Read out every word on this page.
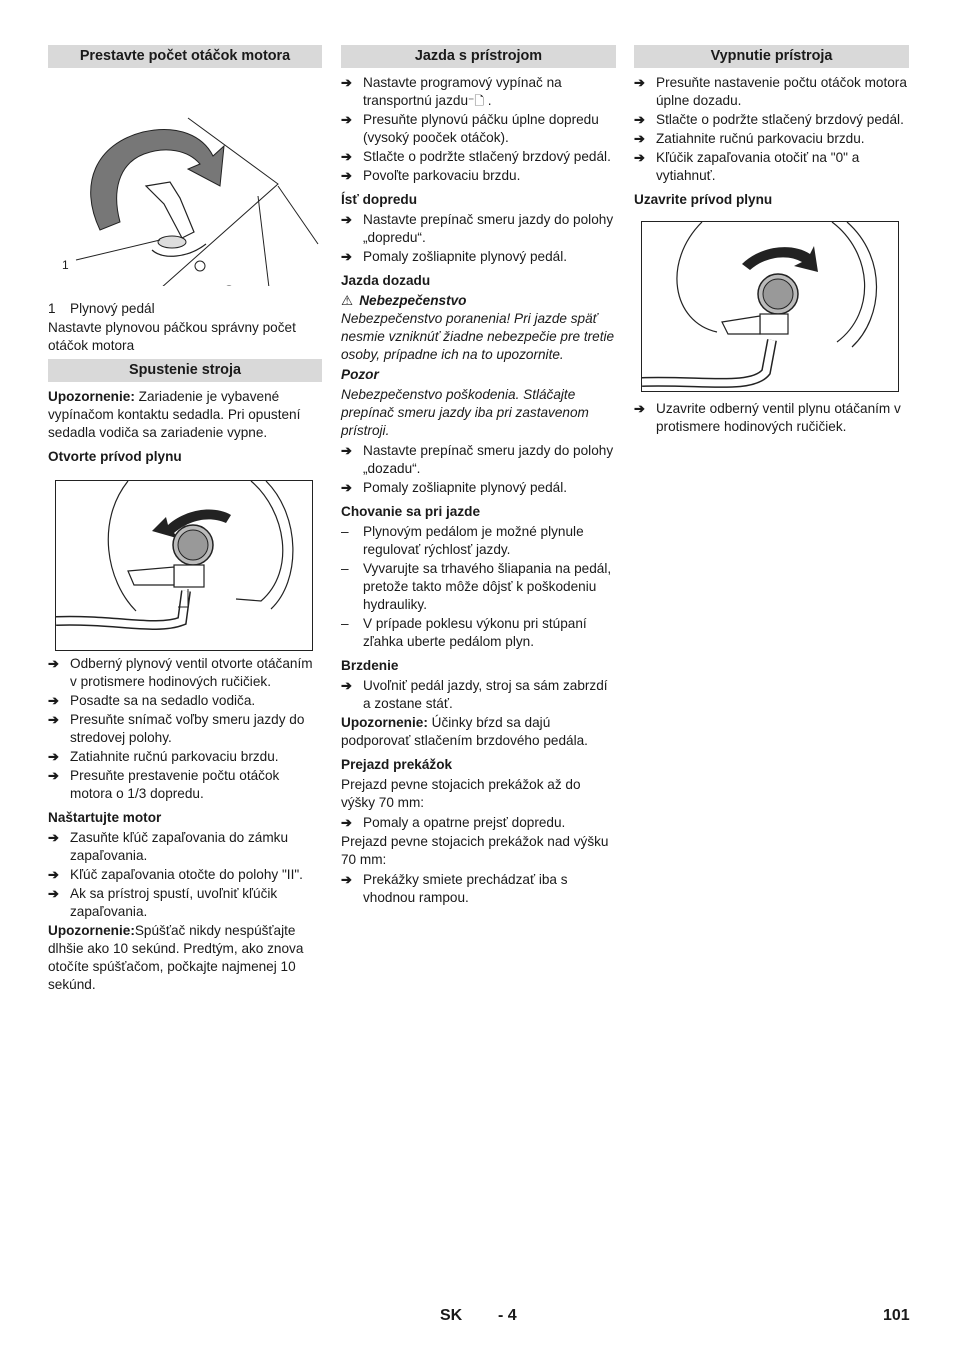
Prestavte počet otáčok motora
1
1	Plynový pedál

Nastavte plynovou páčkou správny počet otáčok motora

Spustenie stroja

Upozornenie: Zariadenie je vybavené vypínačom kontaktu sedadla. Pri opustení sedadla vodiča sa zariadenie vypne.

Otvorte prívod plynu
➔ Odberný plynový ventil otvorte otáčaním v protismere hodinových ručičiek.
➔ Posadte sa na sedadlo vodiča.
➔ Presuňte snímač voľby smeru jazdy do stredovej polohy.
➔ Zatiahnite ručnú parkovaciu brzdu.
➔ Presuňte prestavenie počtu otáčok motora o 1/3 dopredu.
Naštartujte motor
➔ Zasuňte kľúč zapaľovania do zámku zapaľovania.
➔ Kľúč zapaľovania otočte do polohy "II".
➔ Ak sa prístroj spustí, uvoľniť kľúčik zapaľovania.

Upozornenie:Spúšťač nikdy nespúšťajte dlhšie ako 10 sekúnd. Predtým, ako znova otočíte spúšťačom, počkajte najmenej 10 sekúnd.

Jazda s prístrojom
➔ Nastavte programový vypínač na transportnú jazdu⁻🗋 .
➔ Presuňte plynovú páčku úplne dopredu (vysoký pooček otáčok).
➔ Stlačte o podržte stlačený brzdový pedál.
➔ Povoľte parkovaciu brzdu.
Ísť dopredu
➔ Nastavte prepínač smeru jazdy do polohy „dopredu“.
➔ Pomaly zošliapnite plynový pedál.
Jazda dozadu
⚠ Nebezpečenstvo

Nebezpečenstvo poranenia! Pri jazde späť nesmie vzniknúť žiadne nebezpečie pre tretie osoby, prípadne ich na to upozornite.

Pozor

Nebezpečenstvo poškodenia. Stláčajte prepínač smeru jazdy iba pri zastavenom prístroji.

➔ Nastavte prepínač smeru jazdy do polohy „dozadu“.
➔ Pomaly zošliapnite plynový pedál.
Chovanie sa pri jazde
–	Plynovým pedálom je možné plynule regulovať rýchlosť jazdy.
–	Vyvarujte sa trhavého šliapania na pedál, pretože takto môže dôjsť k poškodeniu hydrauliky.
–	V prípade poklesu výkonu pri stúpaní zľahka uberte pedálom plyn.
Brzdenie
➔ Uvoľniť pedál jazdy, stroj sa sám zabrzdí a zostane stáť.

Upozornenie: Účinky bŕzd sa dajú podporovať stlačením brzdového pedála.

Prejazd prekážok

Prejazd pevne stojacich prekážok až do výšky 70 mm:

➔ Pomaly a opatrne prejsť dopredu.

Prejazd pevne stojacich prekážok nad výšku 70 mm:

➔ Prekážky smiete prechádzať iba s vhodnou rampou.
Vypnutie prístroja
➔ Presuňte nastavenie počtu otáčok motora úplne dozadu.
➔ Stlačte o podržte stlačený brzdový pedál.
➔ Zatiahnite ručnú parkovaciu brzdu.
➔ Kľúčik zapaľovania otočiť na "0" a vytiahnuť.
Uzavrite prívod plynu
➔ Uzavrite odberný ventil plynu otáčaním v protismere hodinových ručičiek.
SK - 4	101
